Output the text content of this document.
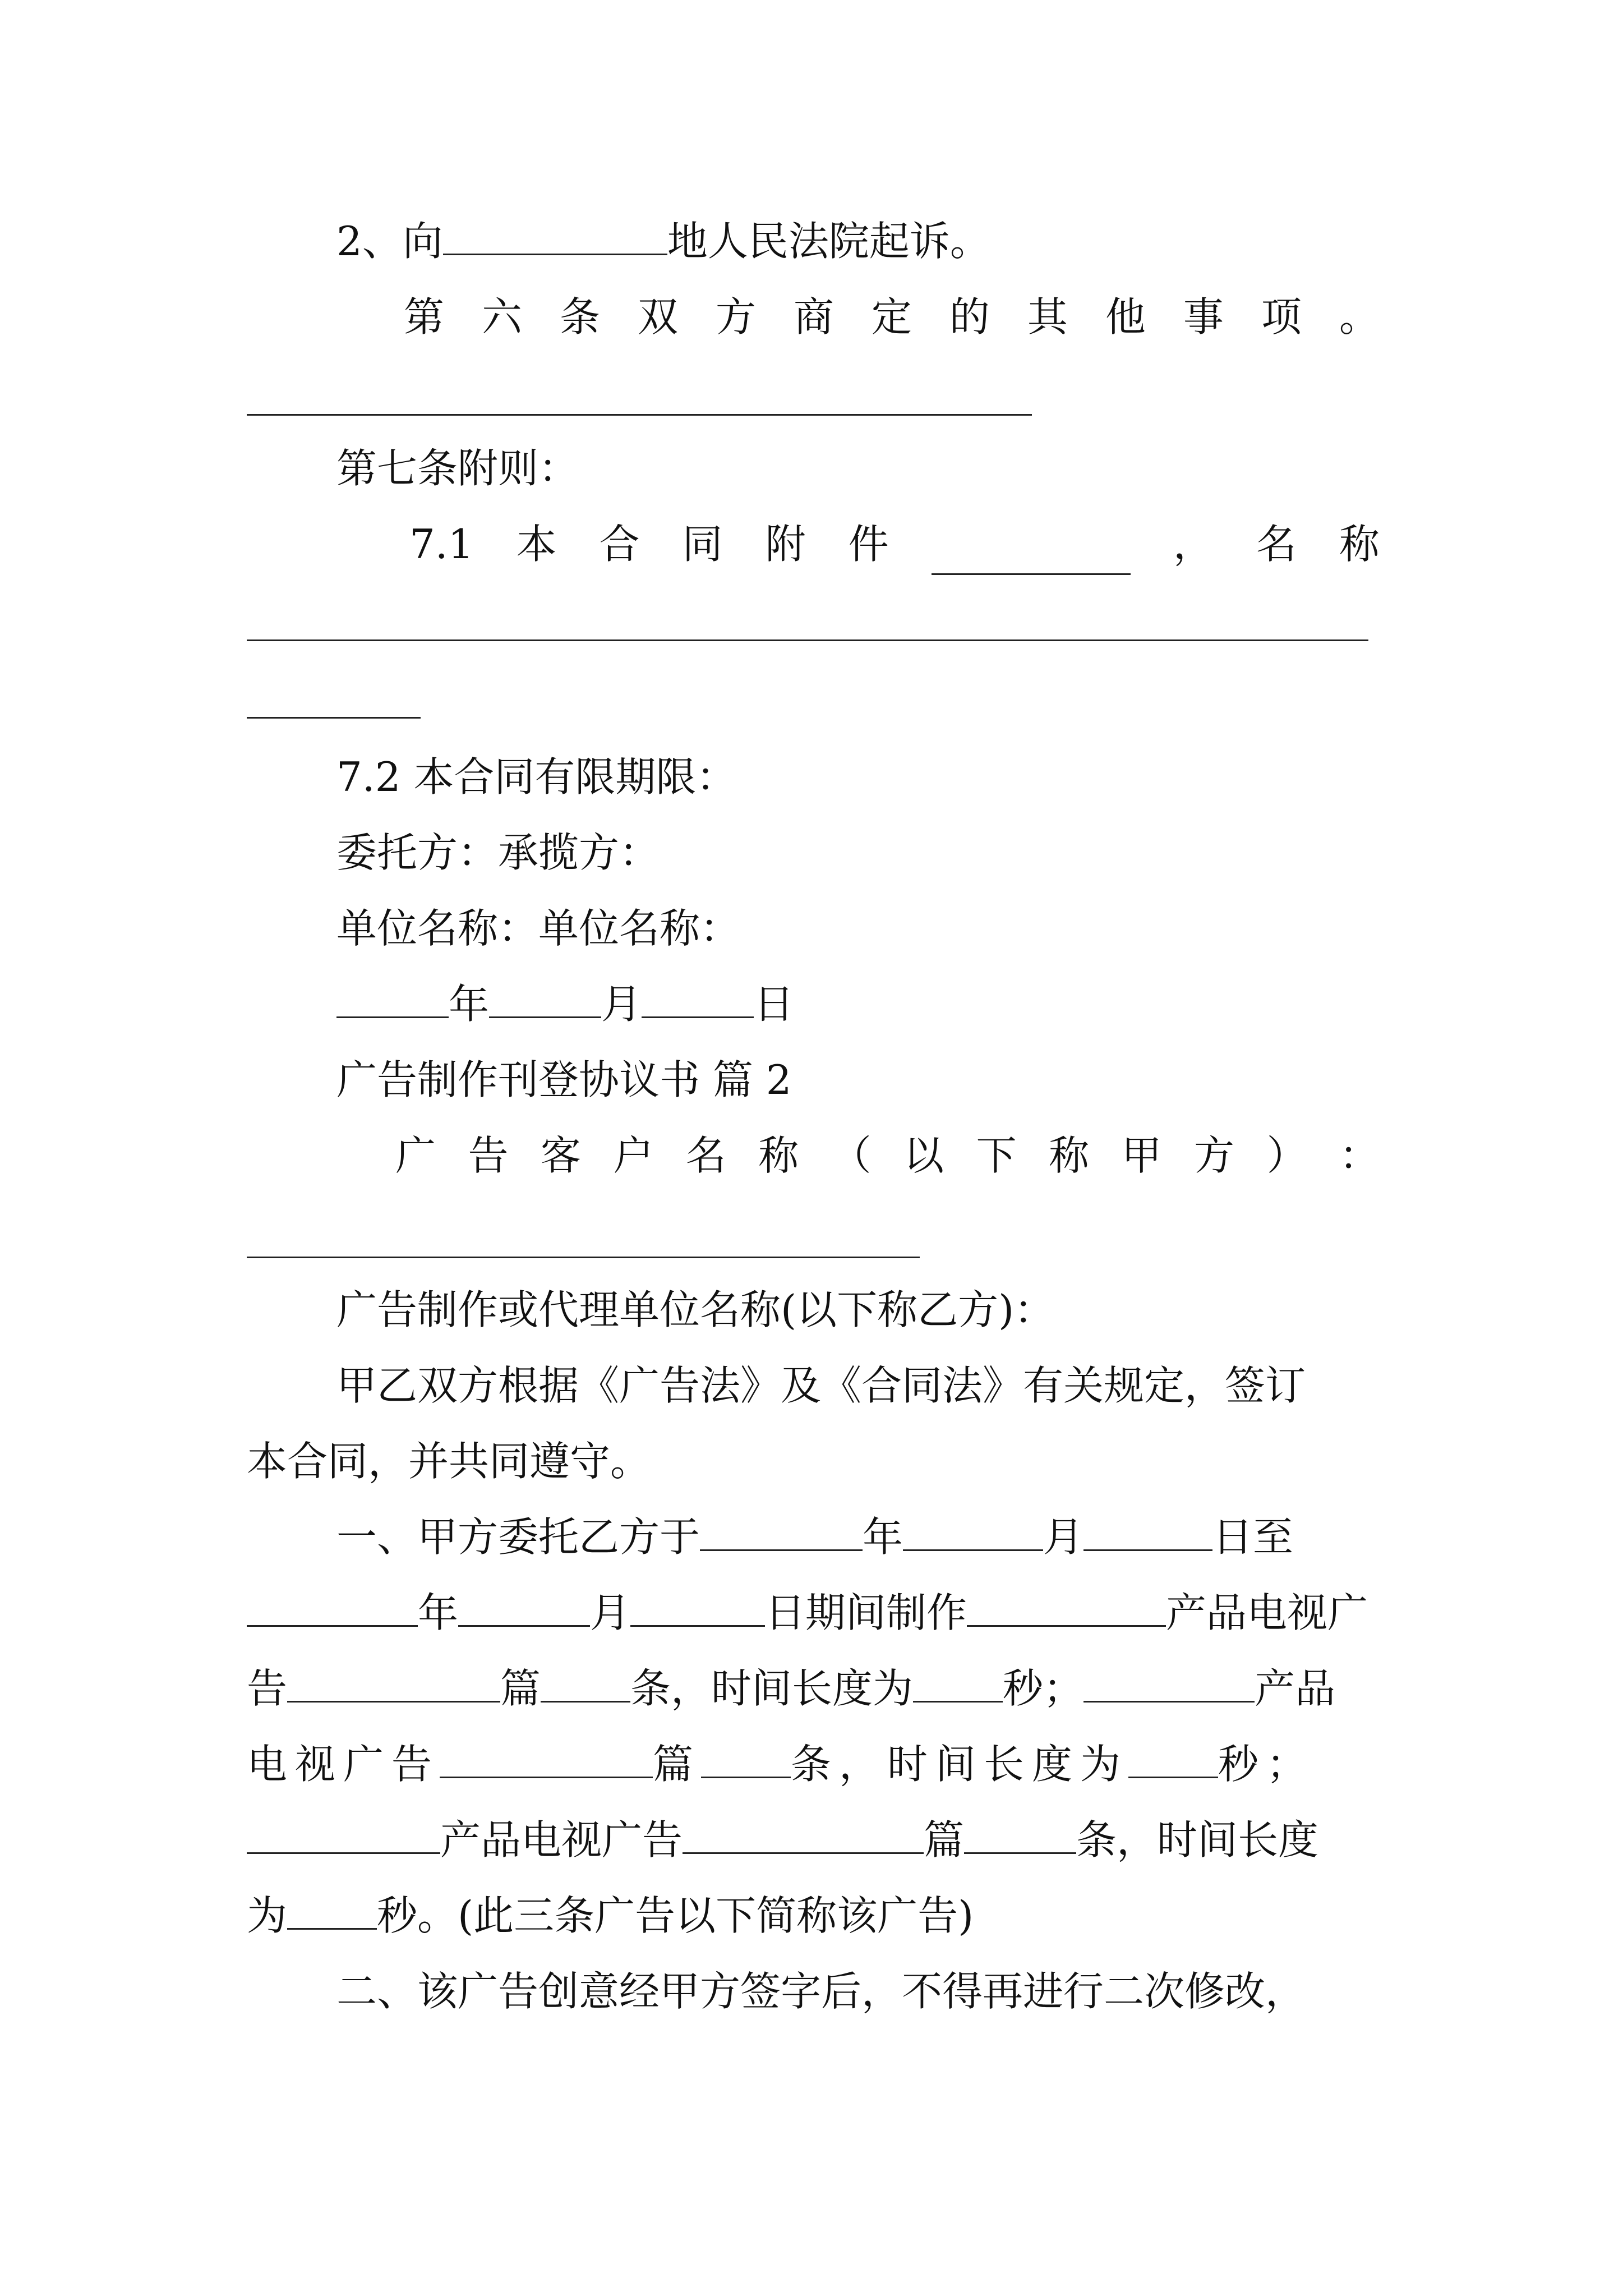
2、向	地人民法院起诉。
第 六 条 双 方 商 定 的 其 他 事 项 。
第七条附则：
7.1 本 合 同 附 件	， 名 称
7.2 本合同有限期限：
委托方：承揽方：
单位名称：单位名称：
年	月	日
广告制作刊登协议书 篇 2
广 告 客 户 名 称 （ 以 下 称 甲 方 ） ：
广告制作或代理单位名称(以下称乙方)：
甲乙双方根据《广告法》及《合同法》有关规定，签订
本合同，并共同遵守。
一、甲方委托乙方于	年	月	日至
年	月	日期间制作	产品电视广
告	篇 条，时间长度为 秒；	产品
电视广告	篇 条，时间长度为 秒；
产品电视广告	篇	条，时间长度
为 秒。(此三条广告以下简称该广告)
二、该广告创意经甲方签字后，不得再进行二次修改，
